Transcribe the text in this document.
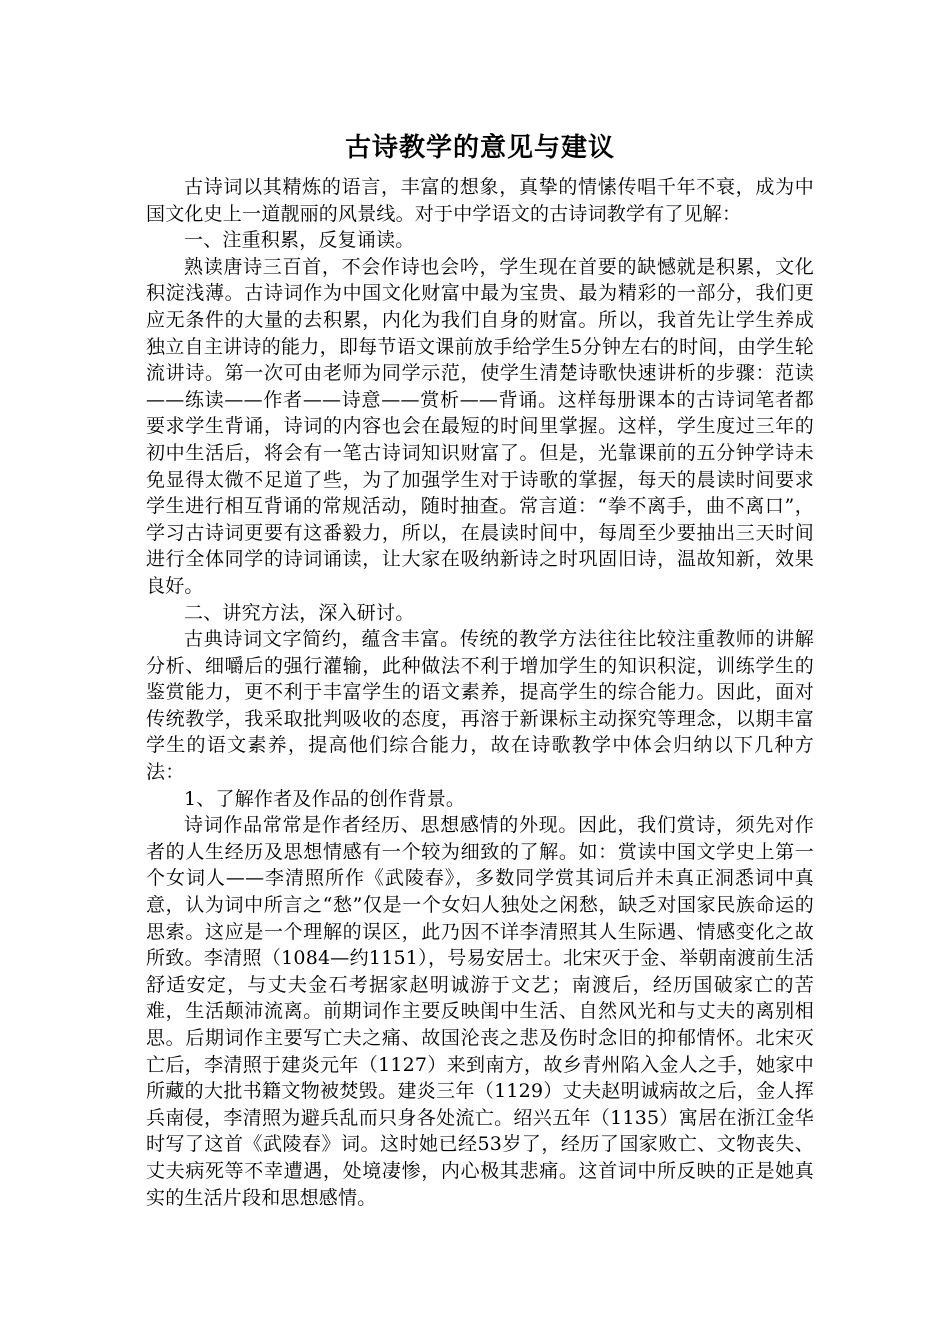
古诗教学的意见与建议

古诗词以其精炼的语言，丰富的想象，真挚的情愫传唱千年不衰，成为中国文化史上一道靓丽的风景线。对于中学语文的古诗词教学有了见解：

一、注重积累，反复诵读。

熟读唐诗三百首，不会作诗也会吟，学生现在首要的缺憾就是积累，文化积淀浅薄。古诗词作为中国文化财富中最为宝贵、最为精彩的一部分，我们更应无条件的大量的去积累，内化为我们自身的财富。所以，我首先让学生养成独立自主讲诗的能力，即每节语文课前放手给学生5分钟左右的时间，由学生轮流讲诗。第一次可由老师为同学示范，使学生清楚诗歌快速讲析的步骤：范读——练读——作者——诗意——赏析——背诵。这样每册课本的古诗词笔者都要求学生背诵，诗词的内容也会在最短的时间里掌握。这样，学生度过三年的初中生活后，将会有一笔古诗词知识财富了。但是，光靠课前的五分钟学诗未免显得太微不足道了些，为了加强学生对于诗歌的掌握，每天的晨读时间要求学生进行相互背诵的常规活动，随时抽查。常言道：“拳不离手，曲不离口”，学习古诗词更要有这番毅力，所以，在晨读时间中，每周至少要抽出三天时间进行全体同学的诗词诵读，让大家在吸纳新诗之时巩固旧诗，温故知新，效果良好。

二、讲究方法，深入研讨。

古典诗词文字简约，蕴含丰富。传统的教学方法往往比较注重教师的讲解分析、细嚼后的强行灌输，此种做法不利于增加学生的知识积淀，训练学生的鉴赏能力，更不利于丰富学生的语文素养，提高学生的综合能力。因此，面对传统教学，我采取批判吸收的态度，再溶于新课标主动探究等理念，以期丰富学生的语文素养，提高他们综合能力，故在诗歌教学中体会归纳以下几种方法：

1、了解作者及作品的创作背景。

诗词作品常常是作者经历、思想感情的外现。因此，我们赏诗，须先对作者的人生经历及思想情感有一个较为细致的了解。如：赏读中国文学史上第一个女词人——李清照所作《武陵春》，多数同学赏其词后并未真正洞悉词中真意，认为词中所言之“愁”仅是一个女妇人独处之闲愁，缺乏对国家民族命运的思索。这应是一个理解的误区，此乃因不详李清照其人生际遇、情感变化之故所致。李清照（1084—约1151），号易安居士。北宋灭于金、举朝南渡前生活舒适安定，与丈夫金石考据家赵明诚游于文艺；南渡后，经历国破家亡的苦难，生活颠沛流离。前期词作主要反映闺中生活、自然风光和与丈夫的离别相思。后期词作主要写亡夫之痛、故国沦丧之悲及伤时念旧的抑郁情怀。北宋灭亡后，李清照于建炎元年（1127）来到南方，故乡青州陷入金人之手，她家中所藏的大批书籍文物被焚毁。建炎三年（1129）丈夫赵明诚病故之后，金人挥兵南侵，李清照为避兵乱而只身各处流亡。绍兴五年（1135）寓居在浙江金华时写了这首《武陵春》词。这时她已经53岁了，经历了国家败亡、文物丧失、丈夫病死等不幸遭遇，处境凄惨，内心极其悲痛。这首词中所反映的正是她真实的生活片段和思想感情。
